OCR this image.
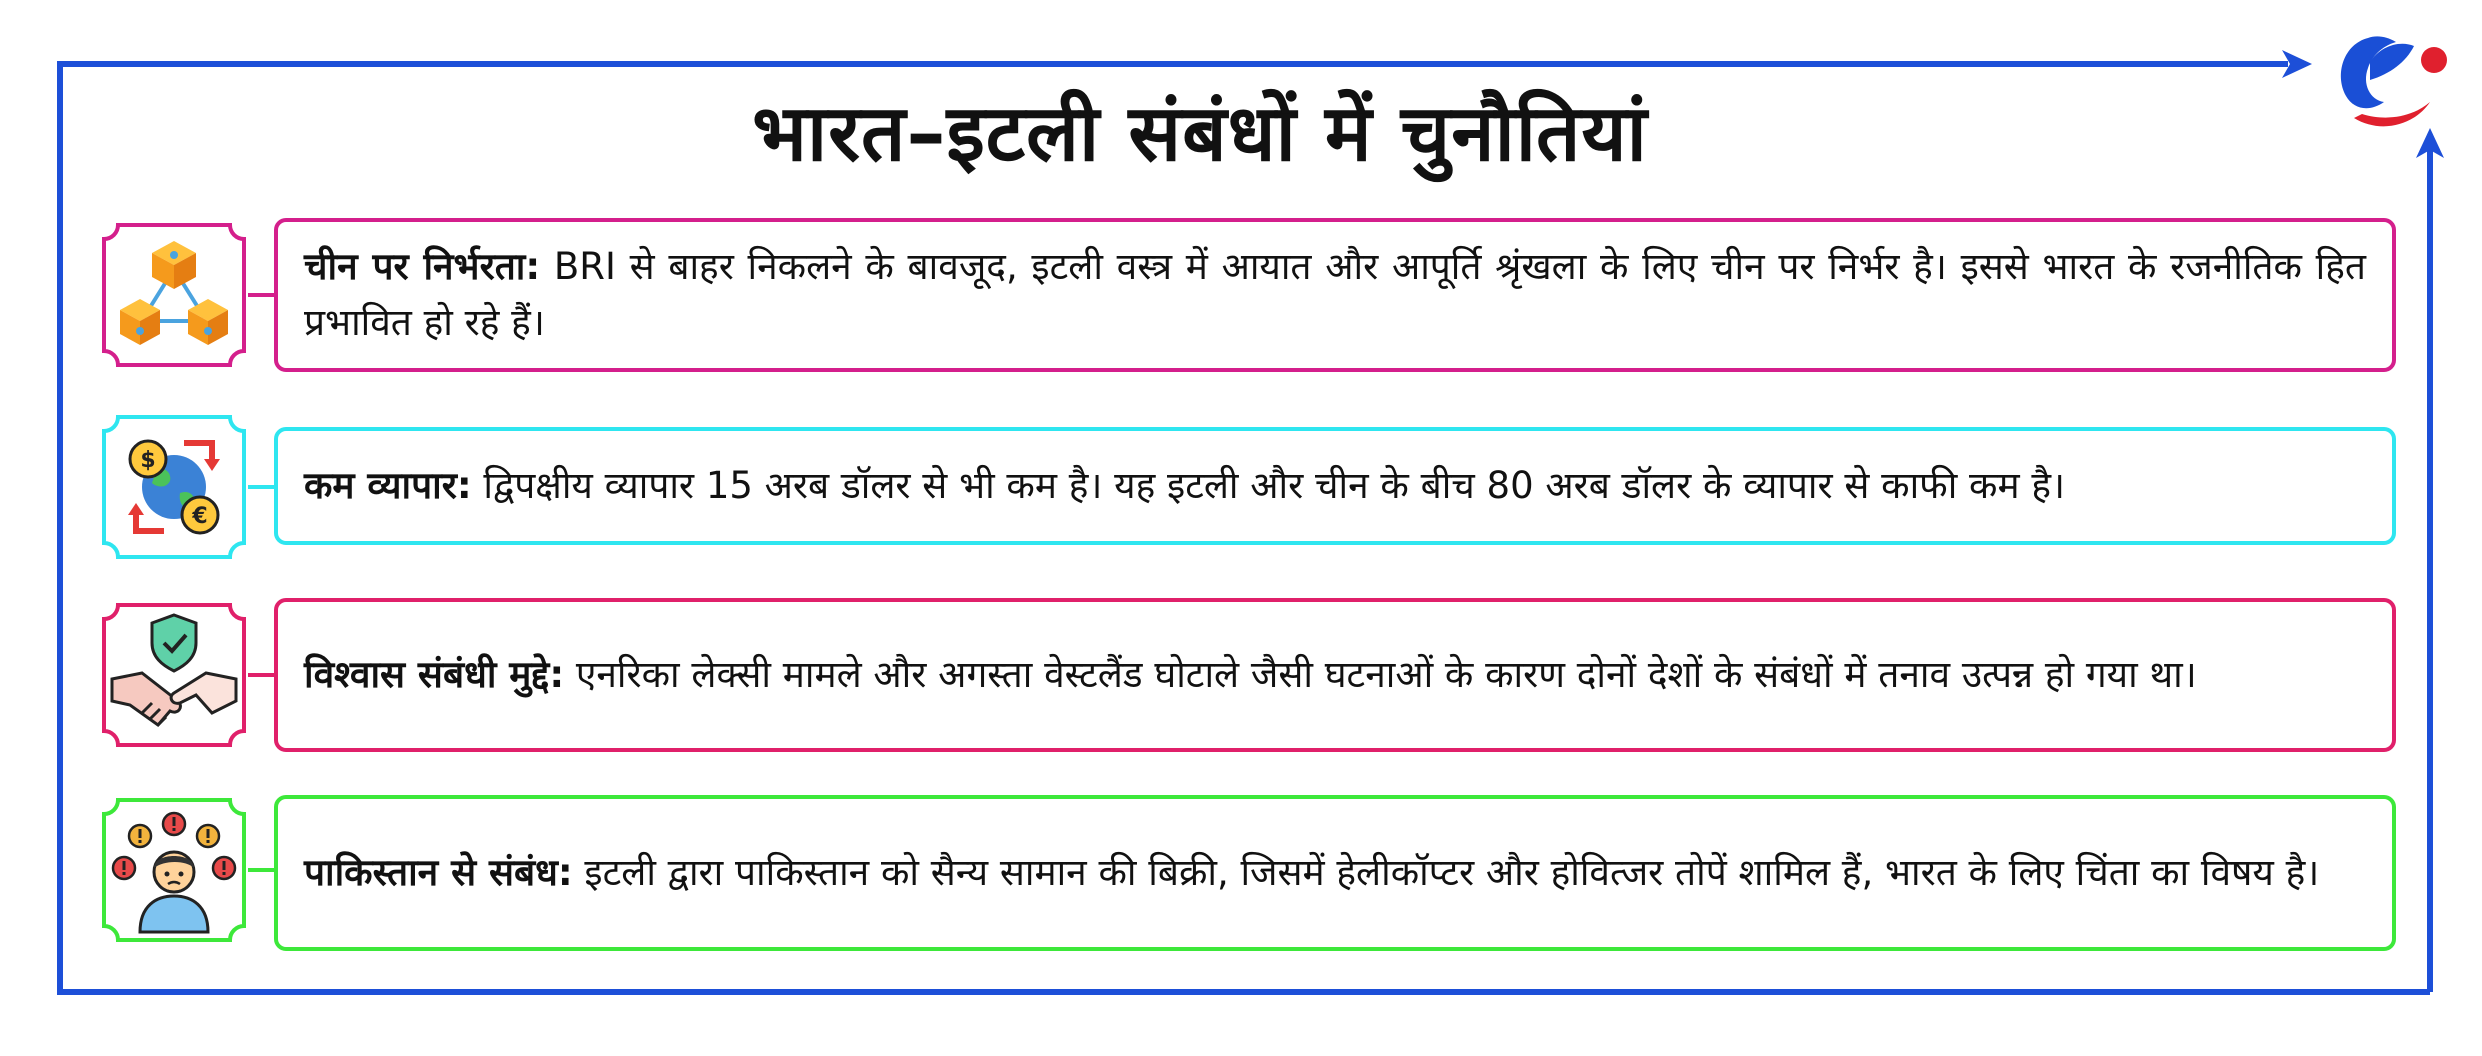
भारत–इटली संबंधों में चुनौतियां

चीन पर निर्भरता: BRI से बाहर निकलने के बावजूद, इटली वस्त्र में आयात और आपूर्ति श्रृंखला के लिए चीन पर निर्भर है। इससे भारत के रजनीतिक हित प्रभावित हो रहे हैं।

$
€

कम व्यापार: द्विपक्षीय व्यापार 15 अरब डॉलर से भी कम है। यह इटली और चीन के बीच 80 अरब डॉलर के व्यापार से काफी कम है।

विश्वास संबंधी मुद्दे: एनरिका लेक्सी मामले और अगस्ता वेस्टलैंड घोटाले जैसी घटनाओं के कारण दोनों देशों के संबंधों में तनाव उत्पन्न हो गया था।

पाकिस्तान से संबंध: इटली द्वारा पाकिस्तान को सैन्य सामान की बिक्री, जिसमें हेलीकॉप्टर और होवित्जर तोपें शामिल हैं, भारत के लिए चिंता का विषय है।
